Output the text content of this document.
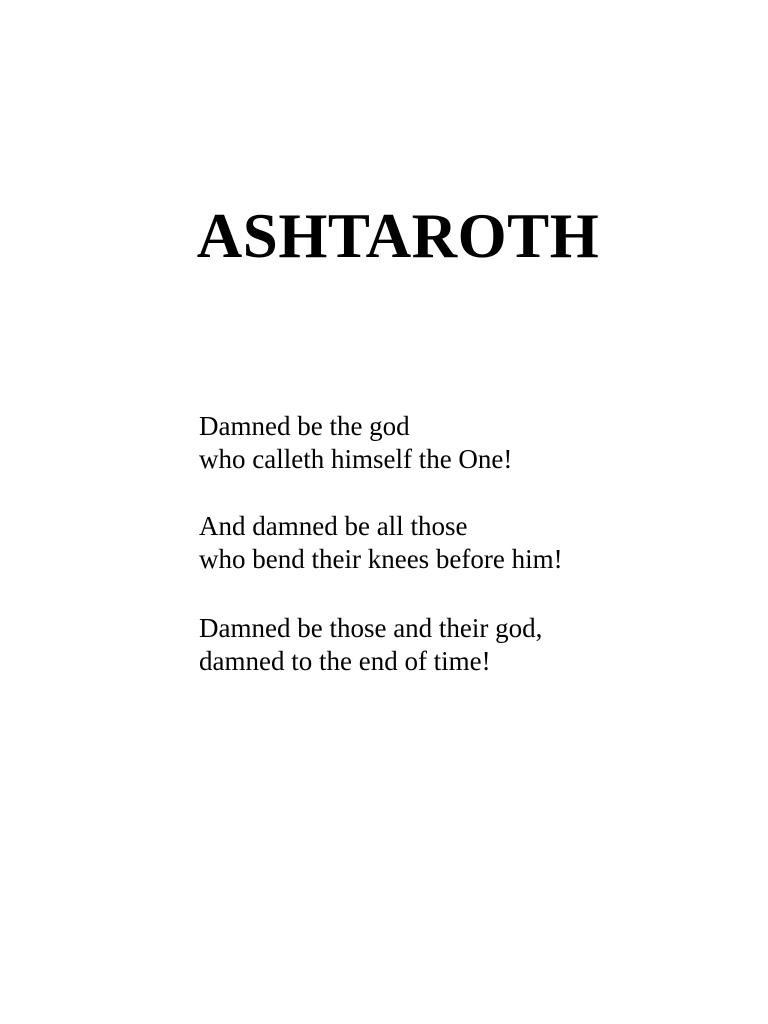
ASHTAROTH
Damned be the god
who calleth himself the One!
And damned be all those
who bend their knees before him!
Damned be those and their god,
damned to the end of time!
